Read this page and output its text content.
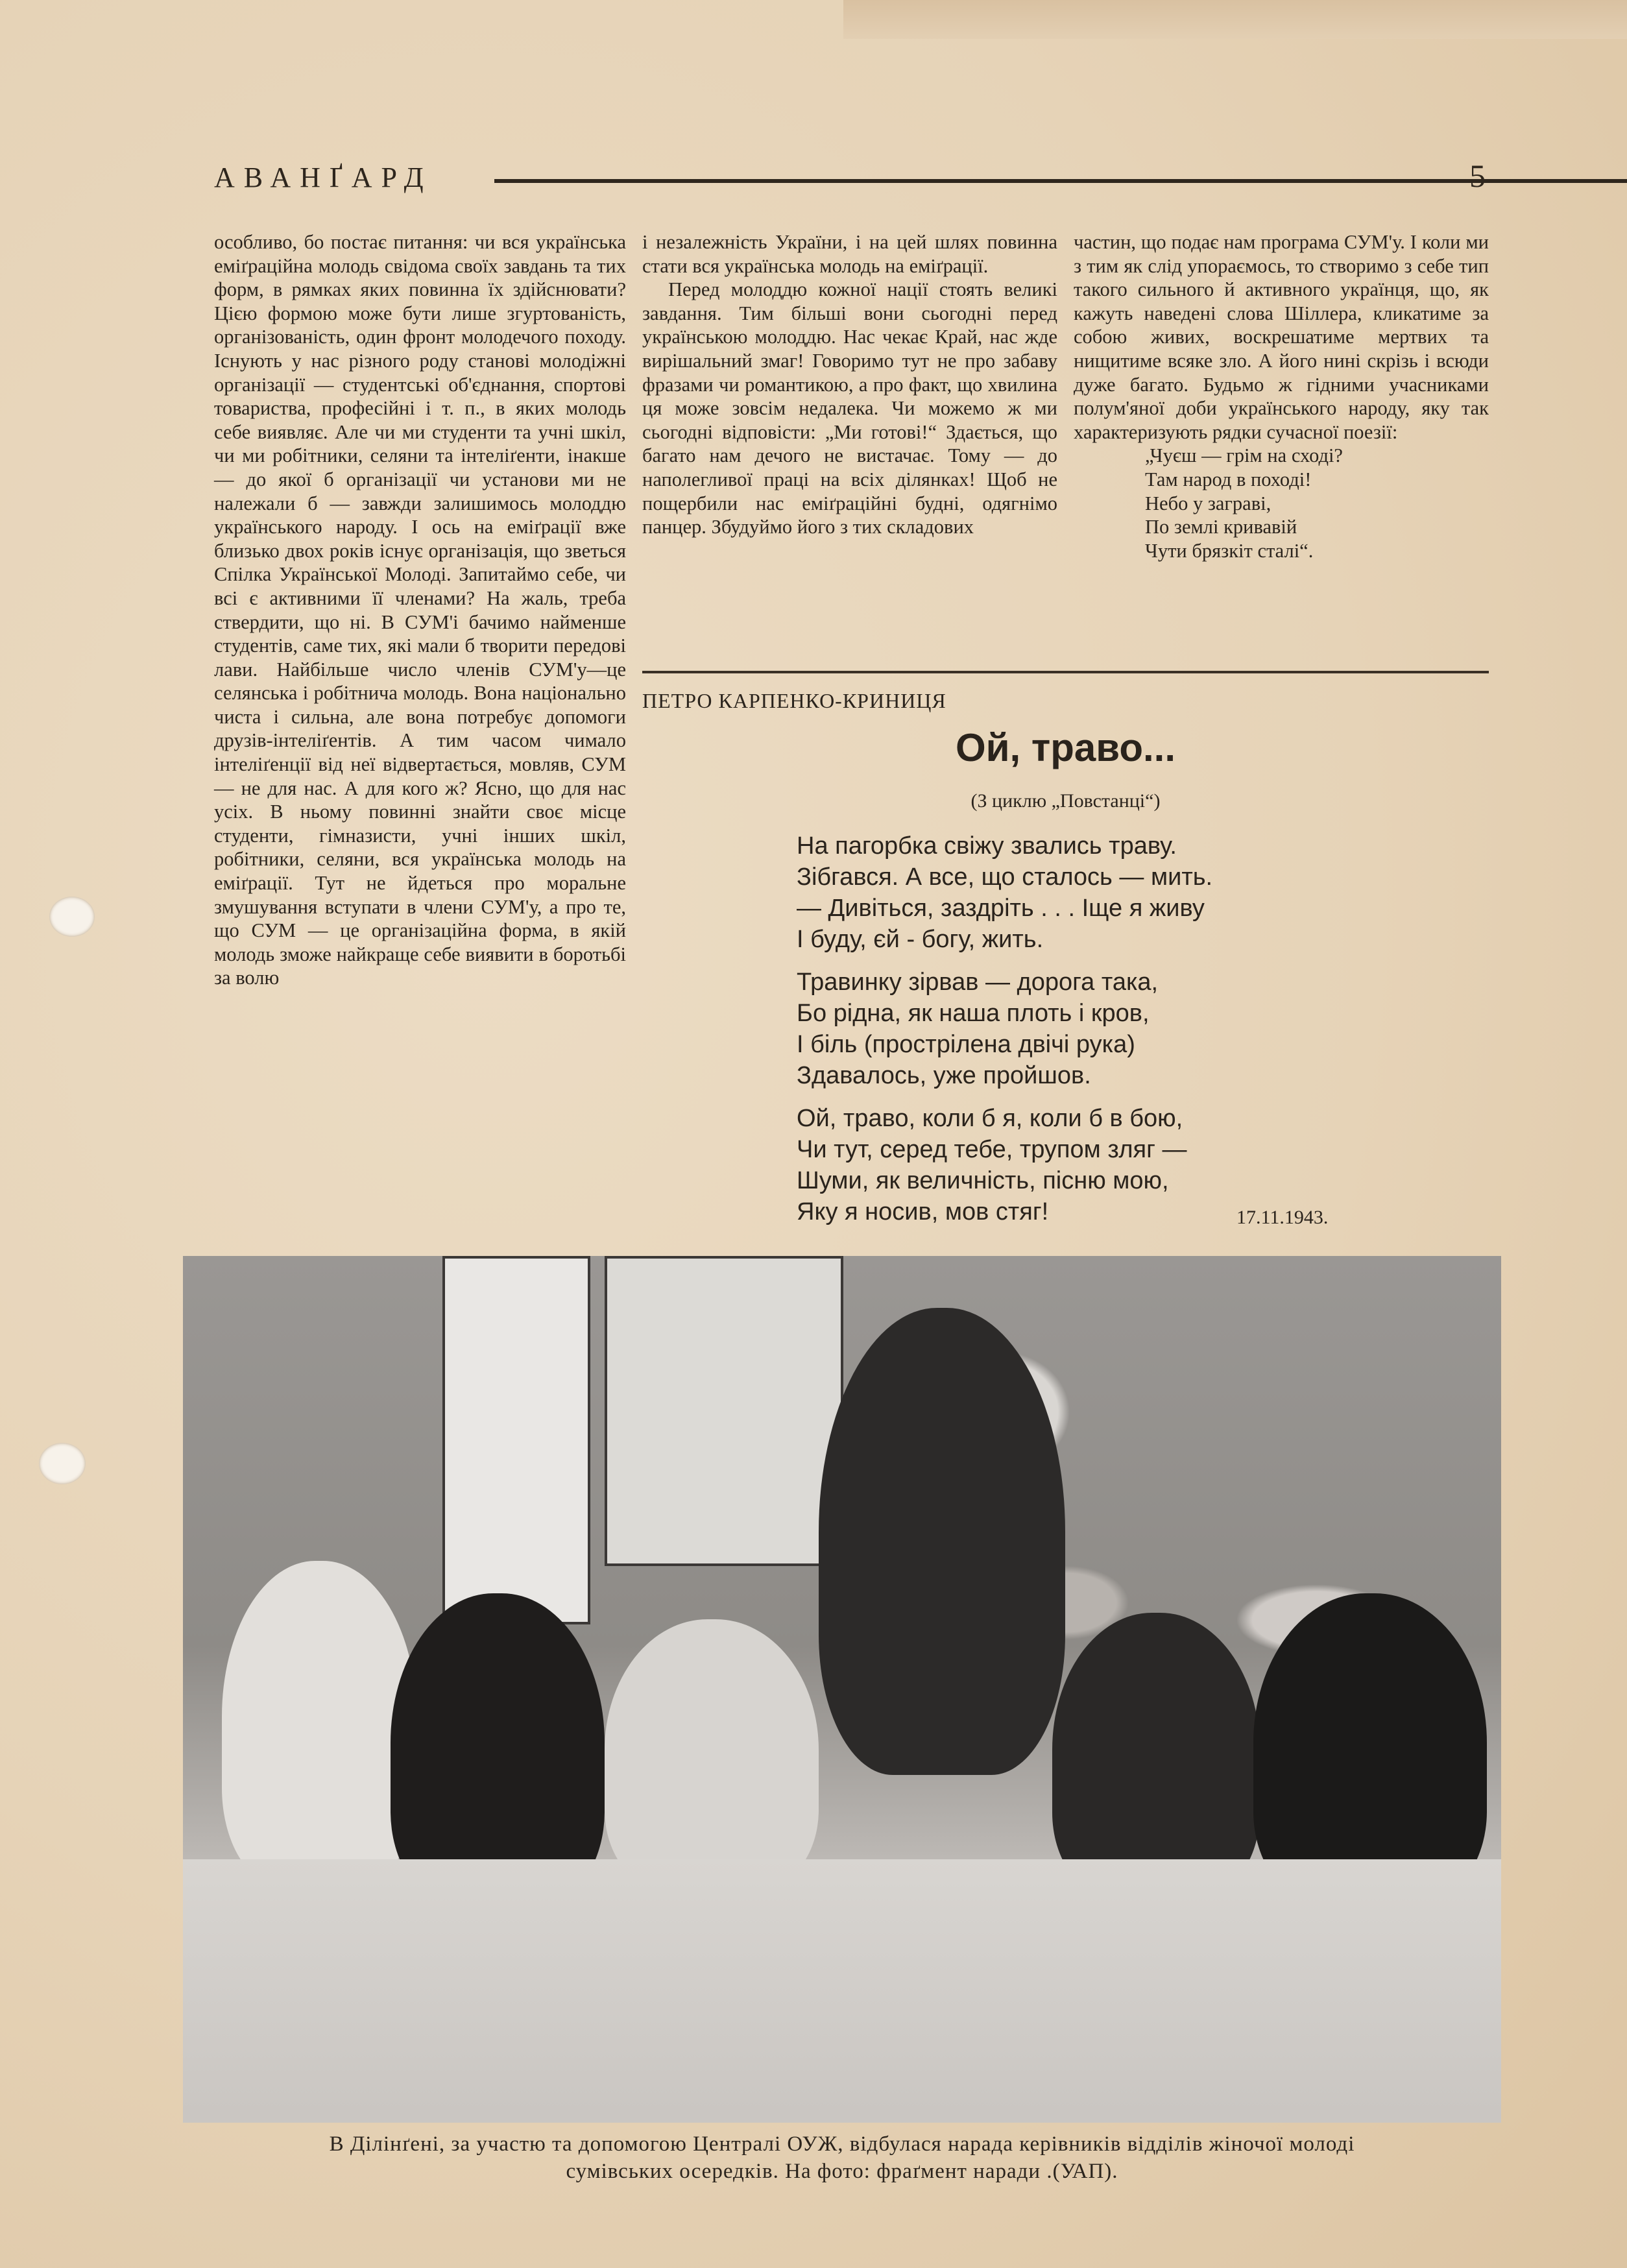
АВАНҐАРД	5

особливо, бо постає питання: чи вся українська еміґраційна молодь свідома своїх завдань та тих форм, в рямках яких повинна їх здійснювати? Цією формою може бути лише згуртованість, організованість, один фронт молодечого походу. Існують у нас різного роду станові молодіжні організації — студентські об'єднання, спортові товариства, професійні і т. п., в яких молодь себе виявляє. Але чи ми студенти та учні шкіл, чи ми робітники, селяни та інтеліґенти, інакше — до якої б організації чи установи ми не належали б — завжди залишимось молоддю українського народу. І ось на еміґрації вже близько двох років існує організація, що зветься Спілка Української Молоді. Запитаймо себе, чи всі є активними її членами? На жаль, треба ствердити, що ні. В СУМ'і бачимо найменше студентів, саме тих, які мали б творити передові лави. Найбільше число членів СУМ'у—це селянська і робітнича молодь. Вона національно чиста і сильна, але вона потребує допомоги друзів-інтеліґентів. А тим часом чимало інтеліґенції від неї відвертається, мовляв, СУМ — не для нас. А для кого ж? Ясно, що для нас усіх. В ньому повинні знайти своє місце студенти, гімназисти, учні інших шкіл, робітники, селяни, вся українська молодь на еміґрації. Тут не йдеться про моральне змушування вступати в члени СУМ'у, а про те, що СУМ — це організаційна форма, в якій молодь зможе найкраще себе виявити в боротьбі за волю

і незалежність України, і на цей шлях повинна стати вся українська молодь на еміґрації.

Перед молоддю кожної нації стоять великі завдання. Тим більші вони сьогодні перед українською молоддю. Нас чекає Край, нас жде вирішальний змаг! Говоримо тут не про забаву фразами чи романтикою, а про факт, що хвилина ця може зовсім недалека. Чи можемо ж ми сьогодні відповісти: „Ми готові!“ Здається, що багато нам дечого не вистачає. Тому — до наполегливої праці на всіх ділянках! Щоб не пощербили нас еміґраційні будні, одягнімо панцер. Збудуймо його з тих складових

частин, що подає нам програма СУМ'у. І коли ми з тим як слід упораємось, то створимо з себе тип такого сильного й активного українця, що, як кажуть наведені слова Шіллера, кликатиме за собою живих, воскрешатиме мертвих та нищитиме всяке зло. А його нині скрізь і всюди дуже багато. Будьмо ж гідними учасниками полум'яної доби українського народу, яку так характеризують рядки сучасної поезії:

„Чуєш — грім на сході?
Там народ в поході!
Небо у заграві,
По землі кривавій
Чути брязкіт сталі“.
ПЕТРО КАРПЕНКО-КРИНИЦЯ
Ой, траво...
(З циклю „Повстанці“)
На пагорбка свіжу звались траву.
Зібгався. А все, що сталось — мить.
— Дивіться, заздріть . . . Іще я живу
І буду, єй - богу, жить.
Травинку зірвав — дорога така,
Бо рідна, як наша плоть і кров,
І біль (прострілена двічі рука)
Здавалось, уже пройшов.
Ой, траво, коли б я, коли б в бою,
Чи тут, серед тебе, трупом зляг —
Шуми, як величність, пісню мою,
Яку я носив, мов стяг!	17.11.1943.
В Ділінґені, за участю та допомогою Централі ОУЖ, відбулася нарада керівників відділів жіночої молоді
сумівських осередків. На фото: фраґмент наради .(УАП).
